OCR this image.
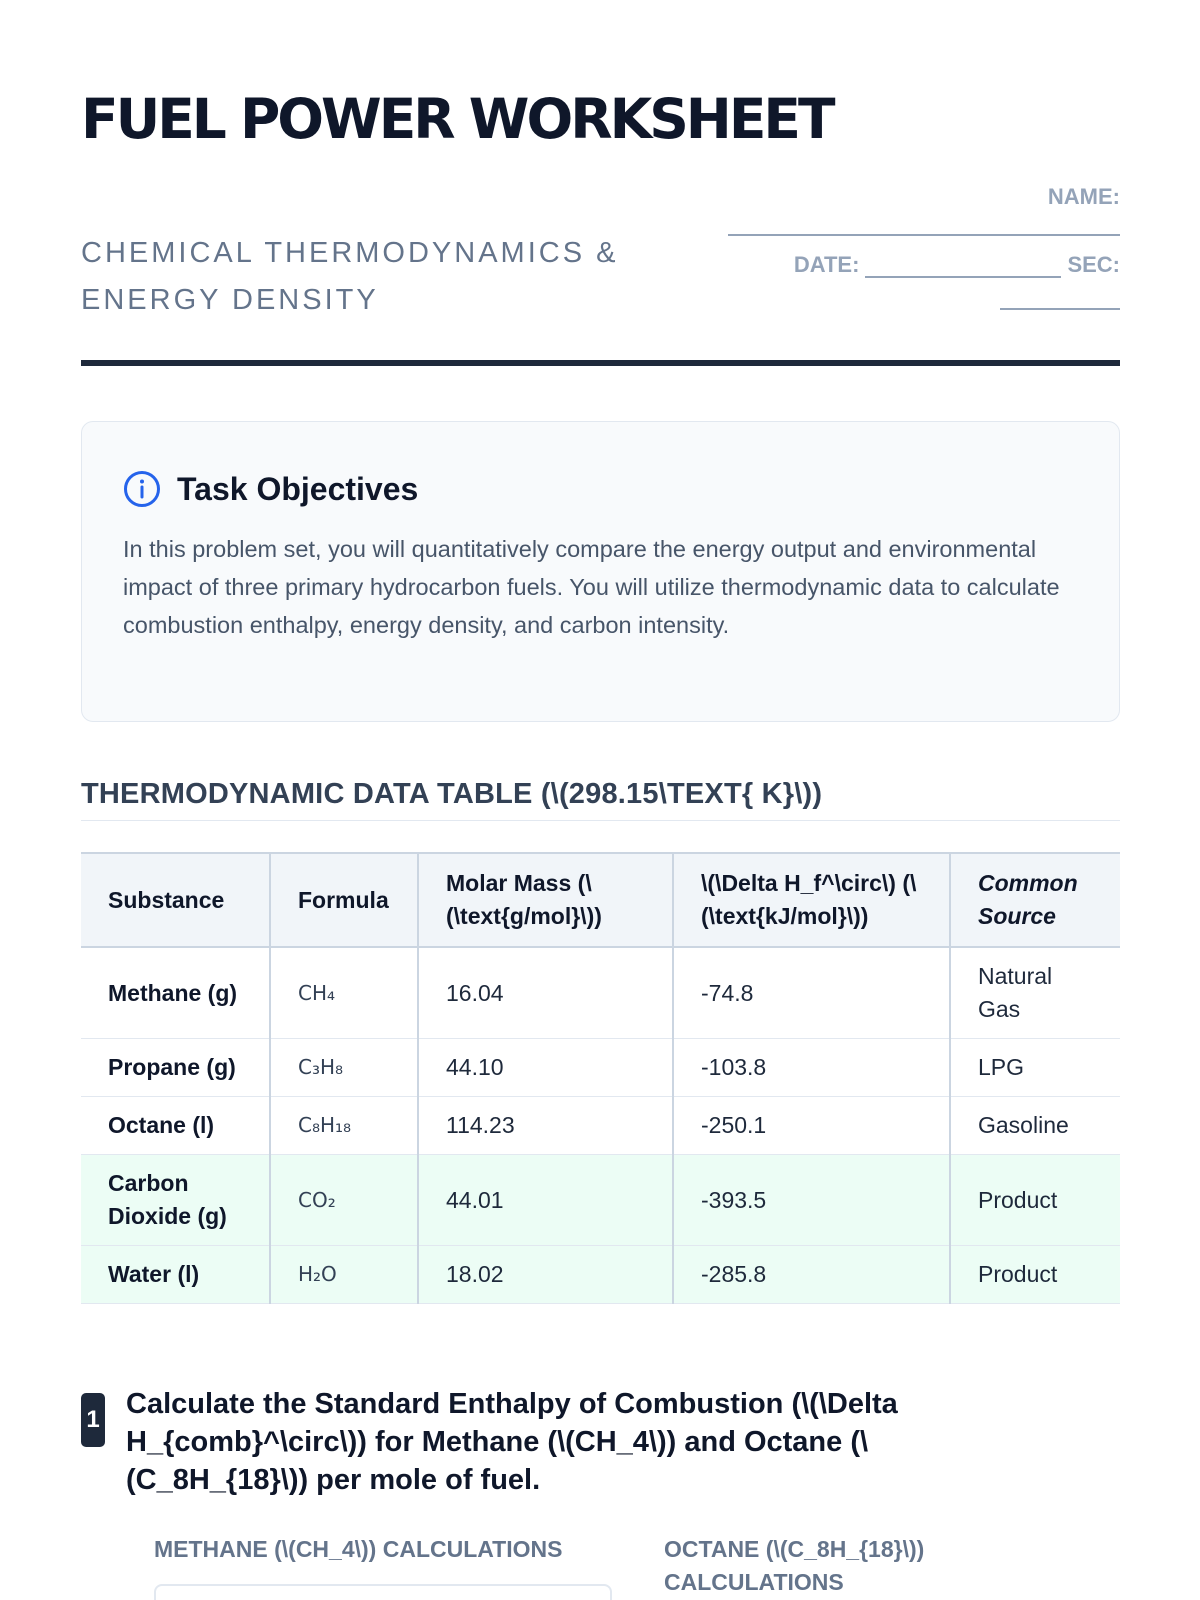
FUEL POWER WORKSHEET
CHEMICAL THERMODYNAMICS & ENERGY DENSITY
NAME:
DATE:	SEC:
Task Objectives
In this problem set, you will quantitatively compare the energy output and environmental impact of three primary hydrocarbon fuels. You will utilize thermodynamic data to calculate combustion enthalpy, energy density, and carbon intensity.
THERMODYNAMIC DATA TABLE (\(298.15\TEXT{ K}\))
Substance	Formula	Molar Mass (\(\text{g/mol}\))	\(\Delta H_f^\circ\) (\(\text{kJ/mol}\))	Common Source
Methane (g)	CH₄	16.04	-74.8	Natural Gas
Propane (g)	C₃H₈	44.10	-103.8	LPG
Octane (l)	C₈H₁₈	114.23	-250.1	Gasoline
Carbon Dioxide (g)	CO₂	44.01	-393.5	Product
Water (l)	H₂O	18.02	-285.8	Product
1 Calculate the Standard Enthalpy of Combustion (\(\Delta H_{comb}^\circ\)) for Methane (\(CH_4\)) and Octane (\(C_8H_{18}\)) per mole of fuel.
METHANE (\(CH_4\)) CALCULATIONS	OCTANE (\(C_8H_{18}\)) CALCULATIONS
